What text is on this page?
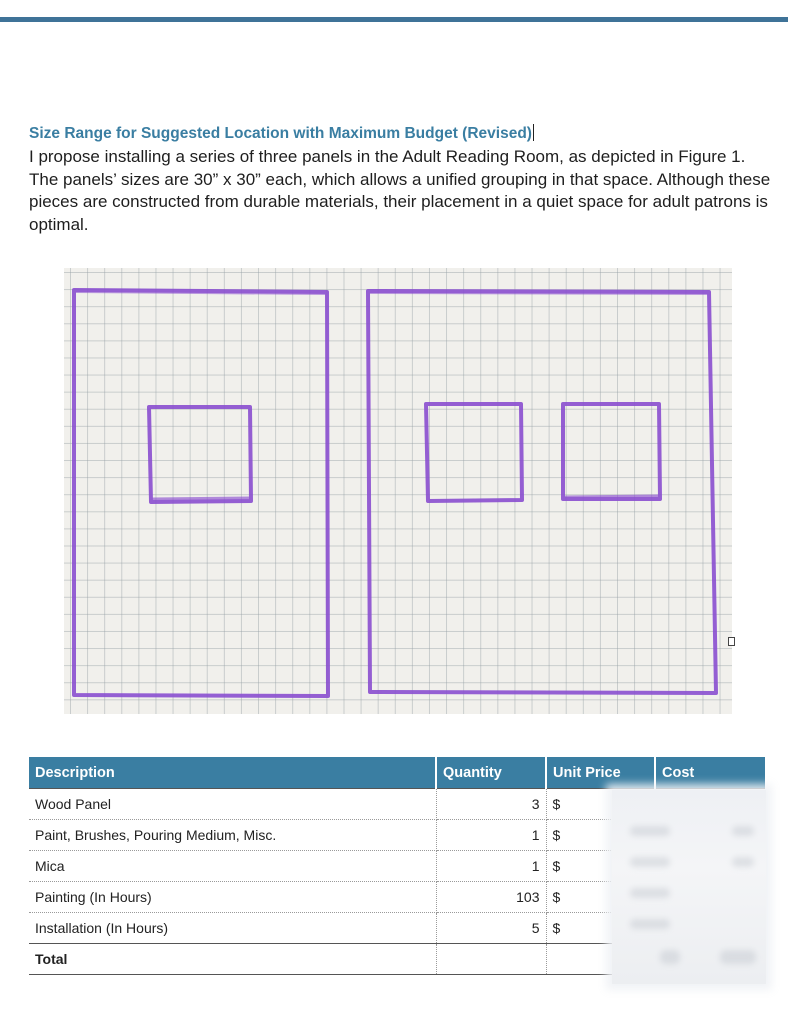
Size Range for Suggested Location with Maximum Budget (Revised)
I propose installing a series of three panels in the Adult Reading Room, as depicted in Figure 1. The panels’ sizes are 30” x 30” each, which allows a unified grouping in that space. Although these pieces are constructed from durable materials, their placement in a quiet space for adult patrons is optimal.
Description	Quantity	Unit Price	Cost
Wood Panel	3	$	
Paint, Brushes, Pouring Medium, Misc.	1	$	
Mica	1	$	
Painting (In Hours)	103	$	
Installation (In Hours)	5	$	
Total			
